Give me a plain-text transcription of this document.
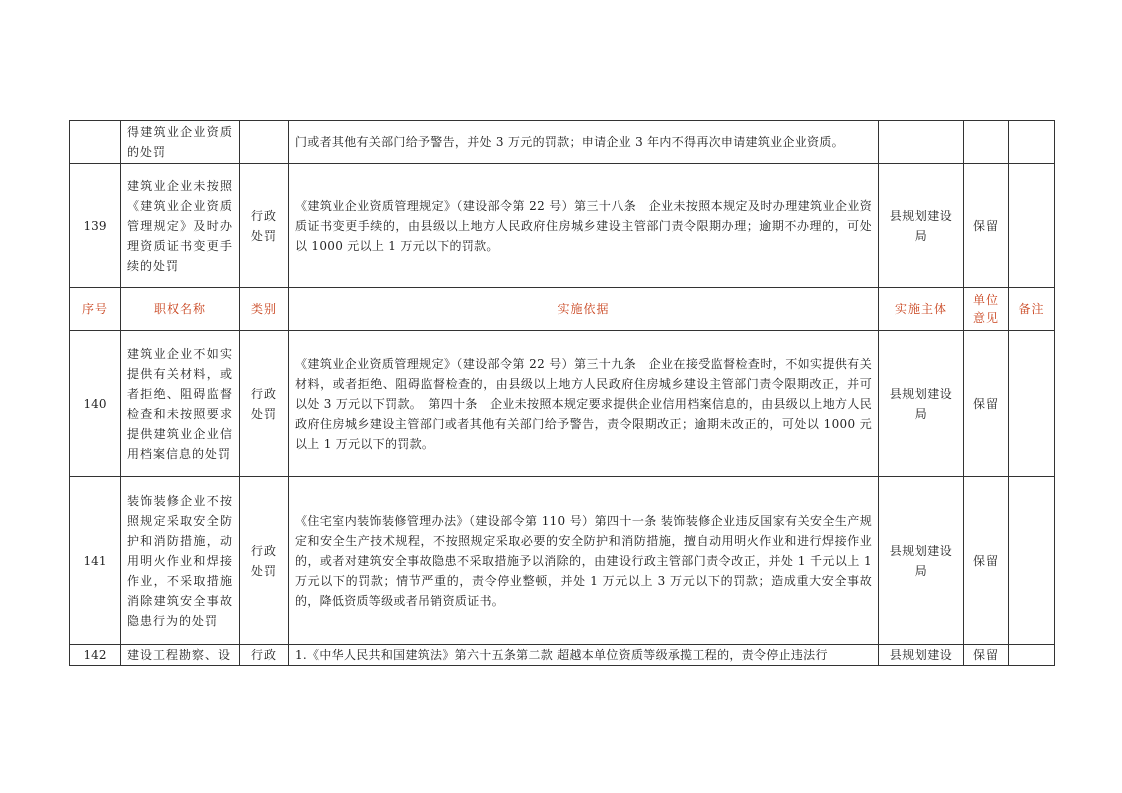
	得建筑业企业资质的处罚		门或者其他有关部门给予警告，并处 3 万元的罚款；申请企业 3 年内不得再次申请建筑业企业资质。			
139	建筑业企业未按照《建筑业企业资质管理规定》及时办理资质证书变更手续的处罚	行政处罚	《建筑业企业资质管理规定》（建设部令第 22 号）第三十八条　企业未按照本规定及时办理建筑业企业资质证书变更手续的，由县级以上地方人民政府住房城乡建设主管部门责令限期办理；逾期不办理的，可处以 1000 元以上 1 万元以下的罚款。	县规划建设局	保留	
序号	职权名称	类别	实施依据	实施主体	单位意见	备注
140	建筑业企业不如实提供有关材料，或者拒绝、阻碍监督检查和未按照要求提供建筑业企业信用档案信息的处罚	行政处罚	《建筑业企业资质管理规定》（建设部令第 22 号）第三十九条　企业在接受监督检查时，不如实提供有关材料，或者拒绝、阻碍监督检查的，由县级以上地方人民政府住房城乡建设主管部门责令限期改正，并可以处 3 万元以下罚款。　第四十条　企业未按照本规定要求提供企业信用档案信息的，由县级以上地方人民政府住房城乡建设主管部门或者其他有关部门给予警告，责令限期改正；逾期未改正的，可处以 1000 元以上 1 万元以下的罚款。	县规划建设局	保留	
141	装饰装修企业不按照规定采取安全防护和消防措施，动用明火作业和焊接作业，不采取措施消除建筑安全事故隐患行为的处罚	行政处罚	《住宅室内装饰装修管理办法》（建设部令第 110 号）第四十一条 装饰装修企业违反国家有关安全生产规定和安全生产技术规程，不按照规定采取必要的安全防护和消防措施，擅自动用明火作业和进行焊接作业的，或者对建筑安全事故隐患不采取措施予以消除的，由建设行政主管部门责令改正，并处 1 千元以上 1 万元以下的罚款；情节严重的，责令停业整顿，并处 1 万元以上 3 万元以下的罚款；造成重大安全事故的，降低资质等级或者吊销资质证书。	县规划建设局	保留	
142	建设工程勘察、设	行政	1.《中华人民共和国建筑法》第六十五条第二款 超越本单位资质等级承揽工程的，责令停止违法行	县规划建设	保留	
